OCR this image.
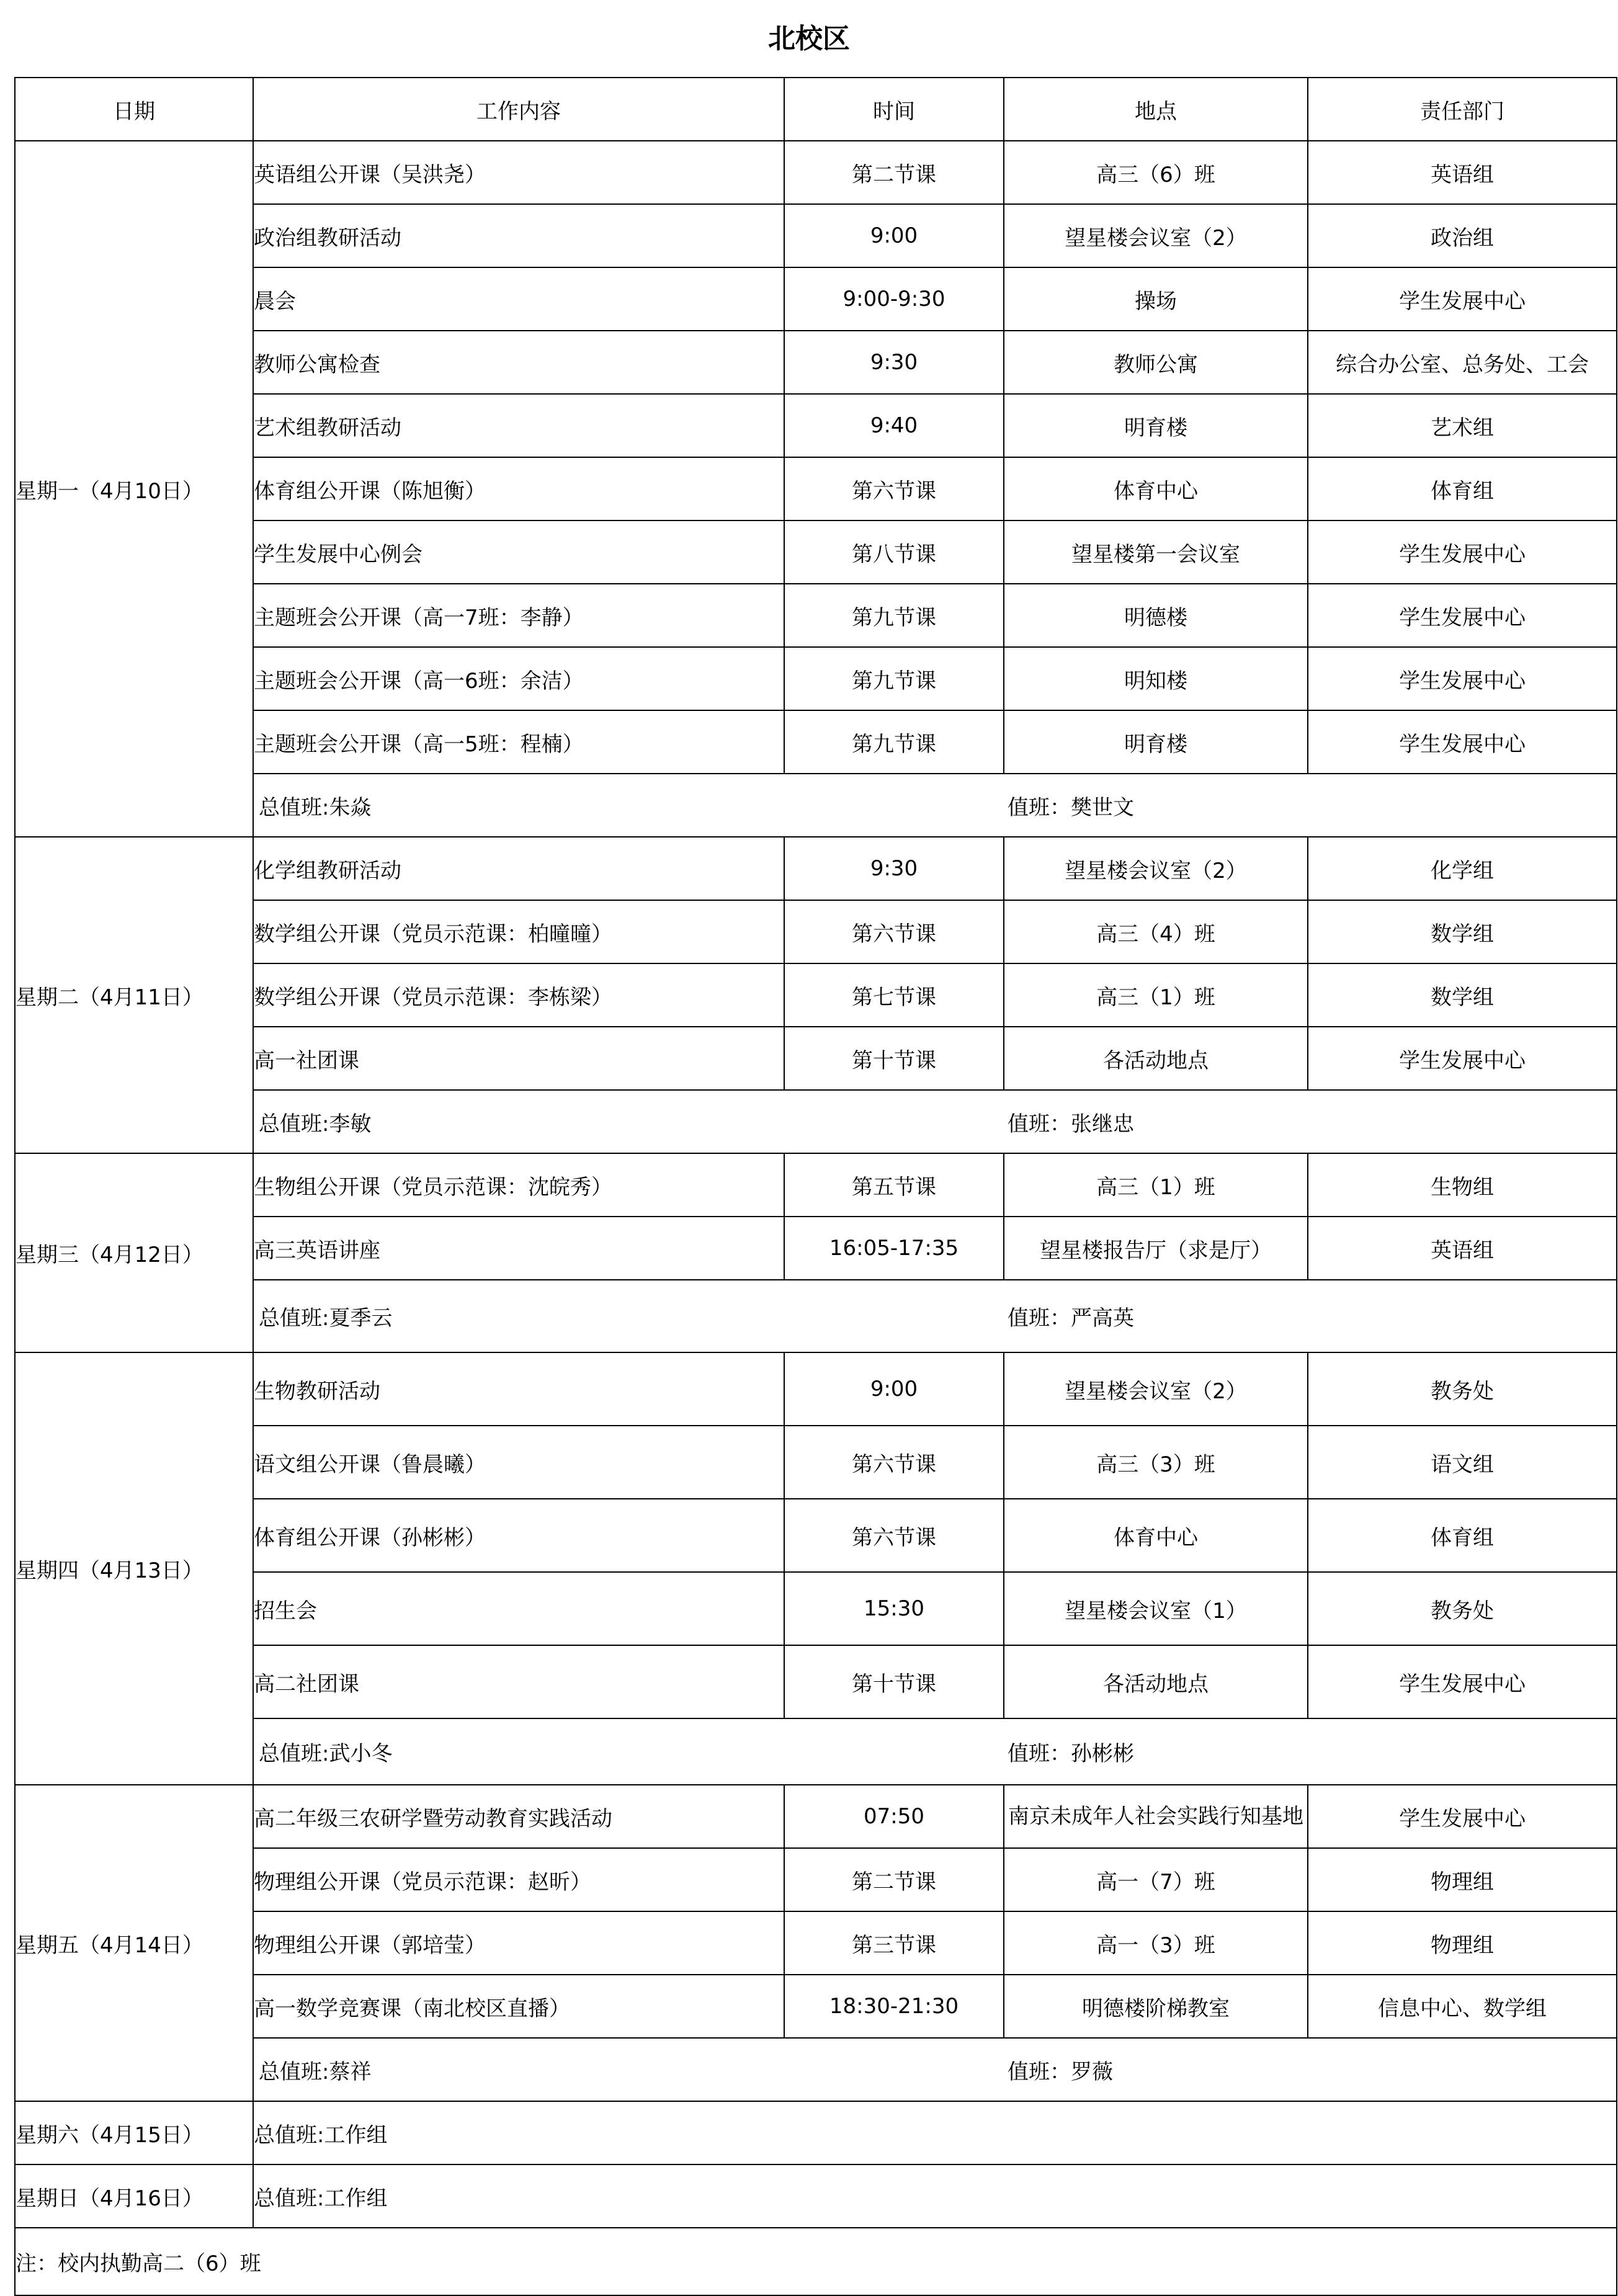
北校区
日期	工作内容	时间	地点	责任部门
星期一（4月10日）	英语组公开课（吴洪尧）	第二节课	高三（6）班	英语组
	政治组教研活动	9:00	望星楼会议室（2）	政治组
	晨会	9:00-9:30	操场	学生发展中心
	教师公寓检查	9:30	教师公寓	综合办公室、总务处、工会
	艺术组教研活动	9:40	明育楼	艺术组
	体育组公开课（陈旭衡）	第六节课	体育中心	体育组
	学生发展中心例会	第八节课	望星楼第一会议室	学生发展中心
	主题班会公开课（高一7班：李静）	第九节课	明德楼	学生发展中心
	主题班会公开课（高一6班：余洁）	第九节课	明知楼	学生发展中心
	主题班会公开课（高一5班：程楠）	第九节课	明育楼	学生发展中心

	总值班:朱焱 值班：樊世文			

星期二（4月11日）	化学组教研活动	9:30	望星楼会议室（2）	化学组
	数学组公开课（党员示范课：柏曈曈）	第六节课	高三（4）班	数学组
	数学组公开课（党员示范课：李栋梁）	第七节课	高三（1）班	数学组
	高一社团课	第十节课	各活动地点	学生发展中心

	总值班:李敏 值班：张继忠			

星期三（4月12日）	生物组公开课（党员示范课：沈皖秀）	第五节课	高三（1）班	生物组
	高三英语讲座	16:05-17:35	望星楼报告厅（求是厅）	英语组

	总值班:夏季云 值班：严高英			

星期四（4月13日）	生物教研活动	9:00	望星楼会议室（2）	教务处
	语文组公开课（鲁晨曦）	第六节课	高三（3）班	语文组
	体育组公开课（孙彬彬）	第六节课	体育中心	体育组
	招生会	15:30	望星楼会议室（1）	教务处
	高二社团课	第十节课	各活动地点	学生发展中心

	总值班:武小冬 值班：孙彬彬			

星期五（4月14日）	高二年级三农研学暨劳动教育实践活动	07:50	南京未成年人社会实践行知基地	学生发展中心
	物理组公开课（党员示范课：赵昕）	第二节课	高一（7）班	物理组
	物理组公开课（郭培莹）	第三节课	高一（3）班	物理组
	高一数学竞赛课（南北校区直播）	18:30-21:30	明德楼阶梯教室	信息中心、数学组

	总值班:蔡祥 值班：罗薇			

星期六（4月15日）	总值班:工作组			
星期日（4月16日）	总值班:工作组			
注：校内执勤高二（6）班				
